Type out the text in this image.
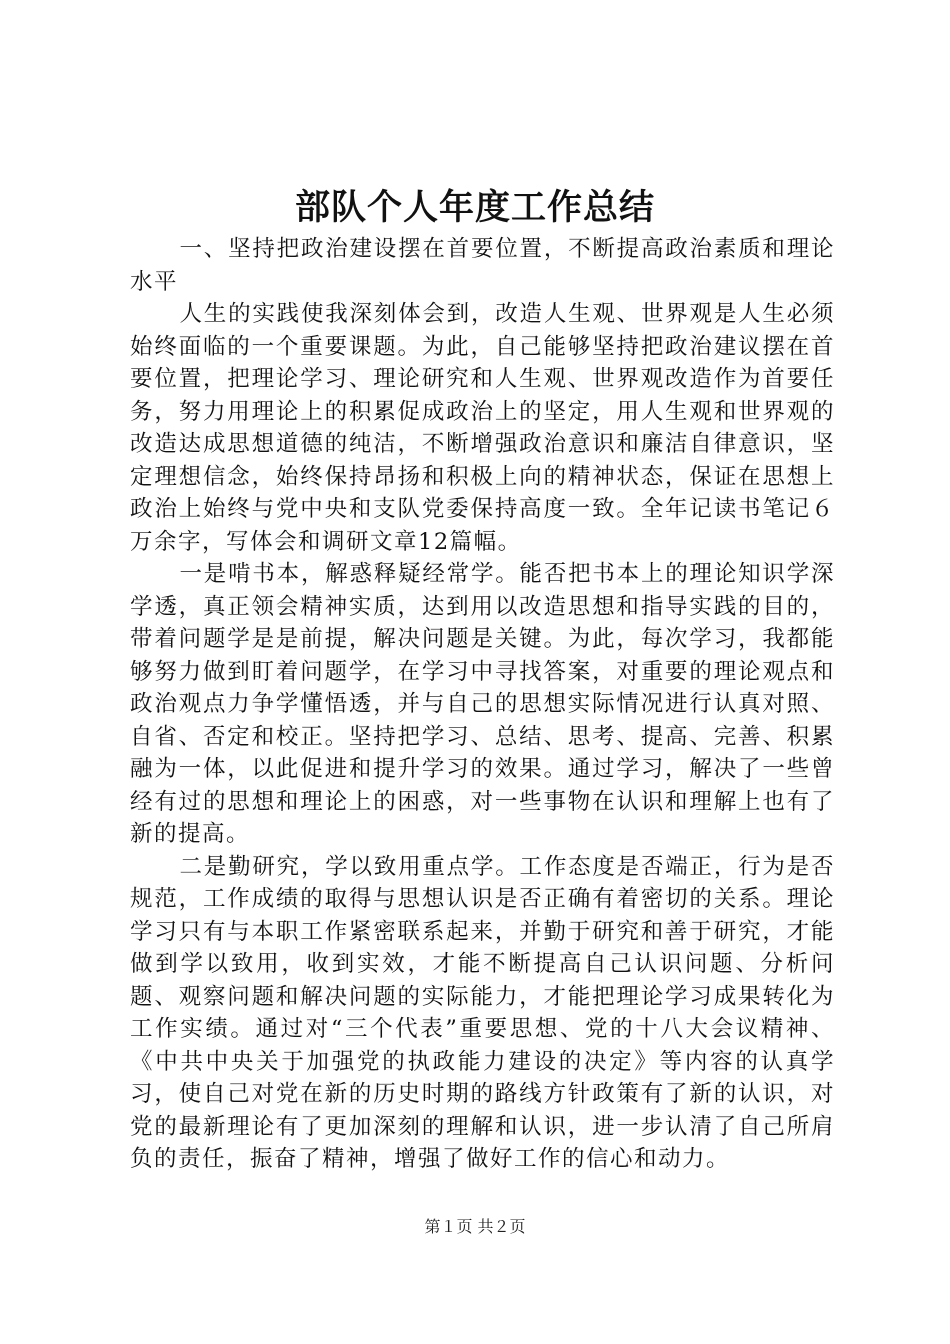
部队个人年度工作总结

一、坚持把政治建设摆在首要位置，不断提高政治素质和理论水平

人生的实践使我深刻体会到，改造人生观、世界观是人生必须始终面临的一个重要课题。为此，自己能够坚持把政治建议摆在首要位置，把理论学习、理论研究和人生观、世界观改造作为首要任务，努力用理论上的积累促成政治上的坚定，用人生观和世界观的改造达成思想道德的纯洁，不断增强政治意识和廉洁自律意识，坚定理想信念，始终保持昂扬和积极上向的精神状态，保证在思想上政治上始终与党中央和支队党委保持高度一致。全年记读书笔记６万余字，写体会和调研文章12篇幅。

一是啃书本，解惑释疑经常学。能否把书本上的理论知识学深学透，真正领会精神实质，达到用以改造思想和指导实践的目的，带着问题学是是前提，解决问题是关键。为此，每次学习，我都能够努力做到盯着问题学，在学习中寻找答案，对重要的理论观点和政治观点力争学懂悟透，并与自己的思想实际情况进行认真对照、自省、否定和校正。坚持把学习、总结、思考、提高、完善、积累融为一体，以此促进和提升学习的效果。通过学习，解决了一些曾经有过的思想和理论上的困惑，对一些事物在认识和理解上也有了新的提高。

二是勤研究，学以致用重点学。工作态度是否端正，行为是否规范，工作成绩的取得与思想认识是否正确有着密切的关系。理论学习只有与本职工作紧密联系起来，并勤于研究和善于研究，才能做到学以致用，收到实效，才能不断提高自己认识问题、分析问题、观察问题和解决问题的实际能力，才能把理论学习成果转化为工作实绩。通过对“三个代表”重要思想、党的十八大会议精神、《中共中央关于加强党的执政能力建设的决定》等内容的认真学习，使自己对党在新的历史时期的路线方针政策有了新的认识，对党的最新理论有了更加深刻的理解和认识，进一步认清了自己所肩负的责任，振奋了精神，增强了做好工作的信心和动力。

第１页 共２页
